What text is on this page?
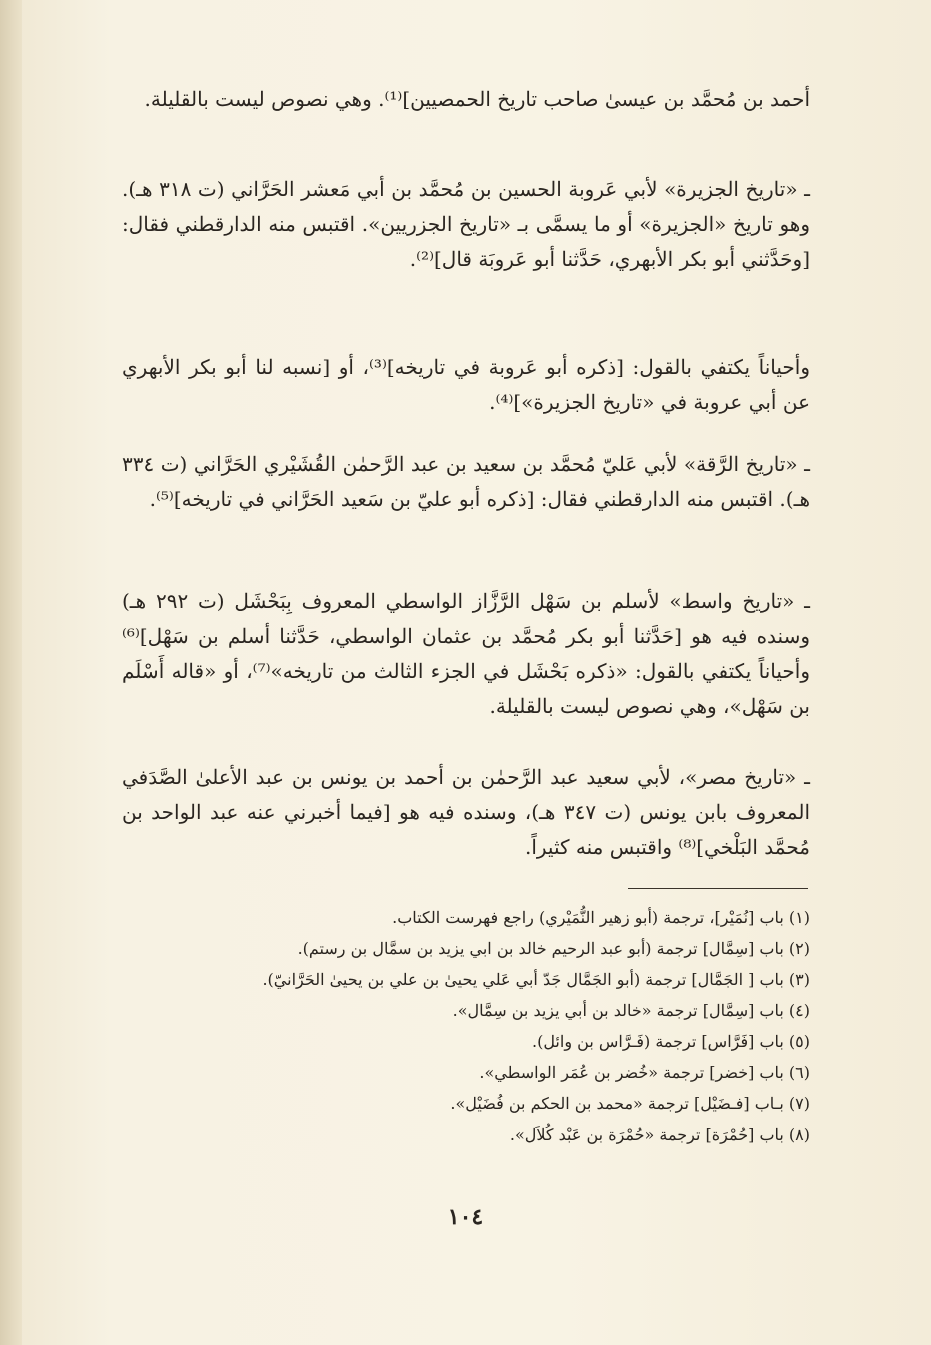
أحمد بن مُحمَّد بن عيسىٰ صاحب تاريخ الحمصيين]⁽¹⁾. وهي نصوص ليست بالقليلة.

ـ «تاريخ الجزيرة» لأبي عَروبة الحسين بن مُحمَّد بن أبي مَعشر الحَرَّاني (ت ٣١٨ هـ). وهو تاريخ «الجزيرة» أو ما يسمَّى بـ «تاريخ الجزريين». اقتبس منه الدارقطني فقال: [وحَدَّثني أبو بكر الأبهري، حَدَّثنا أبو عَروبَة قال]⁽²⁾.

وأحياناً يكتفي بالقول: [ذكره أبو عَروبة في تاريخه]⁽³⁾، أو [نسبه لنا أبو بكر الأبهري عن أبي عروبة في «تاريخ الجزيرة»]⁽⁴⁾.

ـ «تاريخ الرَّقة» لأبي عَليّ مُحمَّد بن سعيد بن عبد الرَّحمٰن القُشَيْري الحَرَّاني (ت ٣٣٤ هـ). اقتبس منه الدارقطني فقال: [ذكره أبو عليّ بن سَعيد الحَرَّاني في تاريخه]⁽⁵⁾.

ـ «تاريخ واسط» لأسلم بن سَهْل الرَّزَّاز الواسطي المعروف بِبَحْشَل (ت ٢٩٢ هـ) وسنده فيه هو [حَدَّثنا أبو بكر مُحمَّد بن عثمان الواسطي، حَدَّثنا أسلم بن سَهْل]⁽⁶⁾ وأحياناً يكتفي بالقول: «ذكره بَحْشَل في الجزء الثالث من تاريخه»⁽⁷⁾، أو «قاله أَسْلَم بن سَهْل»، وهي نصوص ليست بالقليلة.

ـ «تاريخ مصر»، لأبي سعيد عبد الرَّحمٰن بن أحمد بن يونس بن عبد الأعلىٰ الصَّدَفي المعروف بابن يونس (ت ٣٤٧ هـ)، وسنده فيه هو [فيما أخبرني عنه عبد الواحد بن مُحمَّد البَلْخي]⁽⁸⁾ واقتبس منه كثيراً.

(١) باب [نُمَيْر]، ترجمة (أبو زهير النُّمَيْري) راجع فهرست الكتاب.
(٢) باب [سِمَّال] ترجمة (أبو عبد الرحيم خالد بن ابي يزيد بن سمَّال بن رستم).
(٣) باب [ الجَمَّال] ترجمة (أبو الجَمَّال جَدّ أبي عَلي يحيىٰ بن علي بن يحيىٰ الحَرَّانيّ).
(٤) باب [سِمَّال] ترجمة «خالد بن أبي يزيد بن سِمَّال».
(٥) باب [فَرَّاس] ترجمة (فَـرَّاس بن وائل).
(٦) باب [خضر] ترجمة «خُضر بن عُمَر الواسطي».
(٧) بـاب [فـضَيْل] ترجمة «محمد بن الحكم بن فُضَيْل».
(٨) باب [حُمْرَة] ترجمة «حُمْرَة بن عَبْد كُلاَل».
١٠٤
